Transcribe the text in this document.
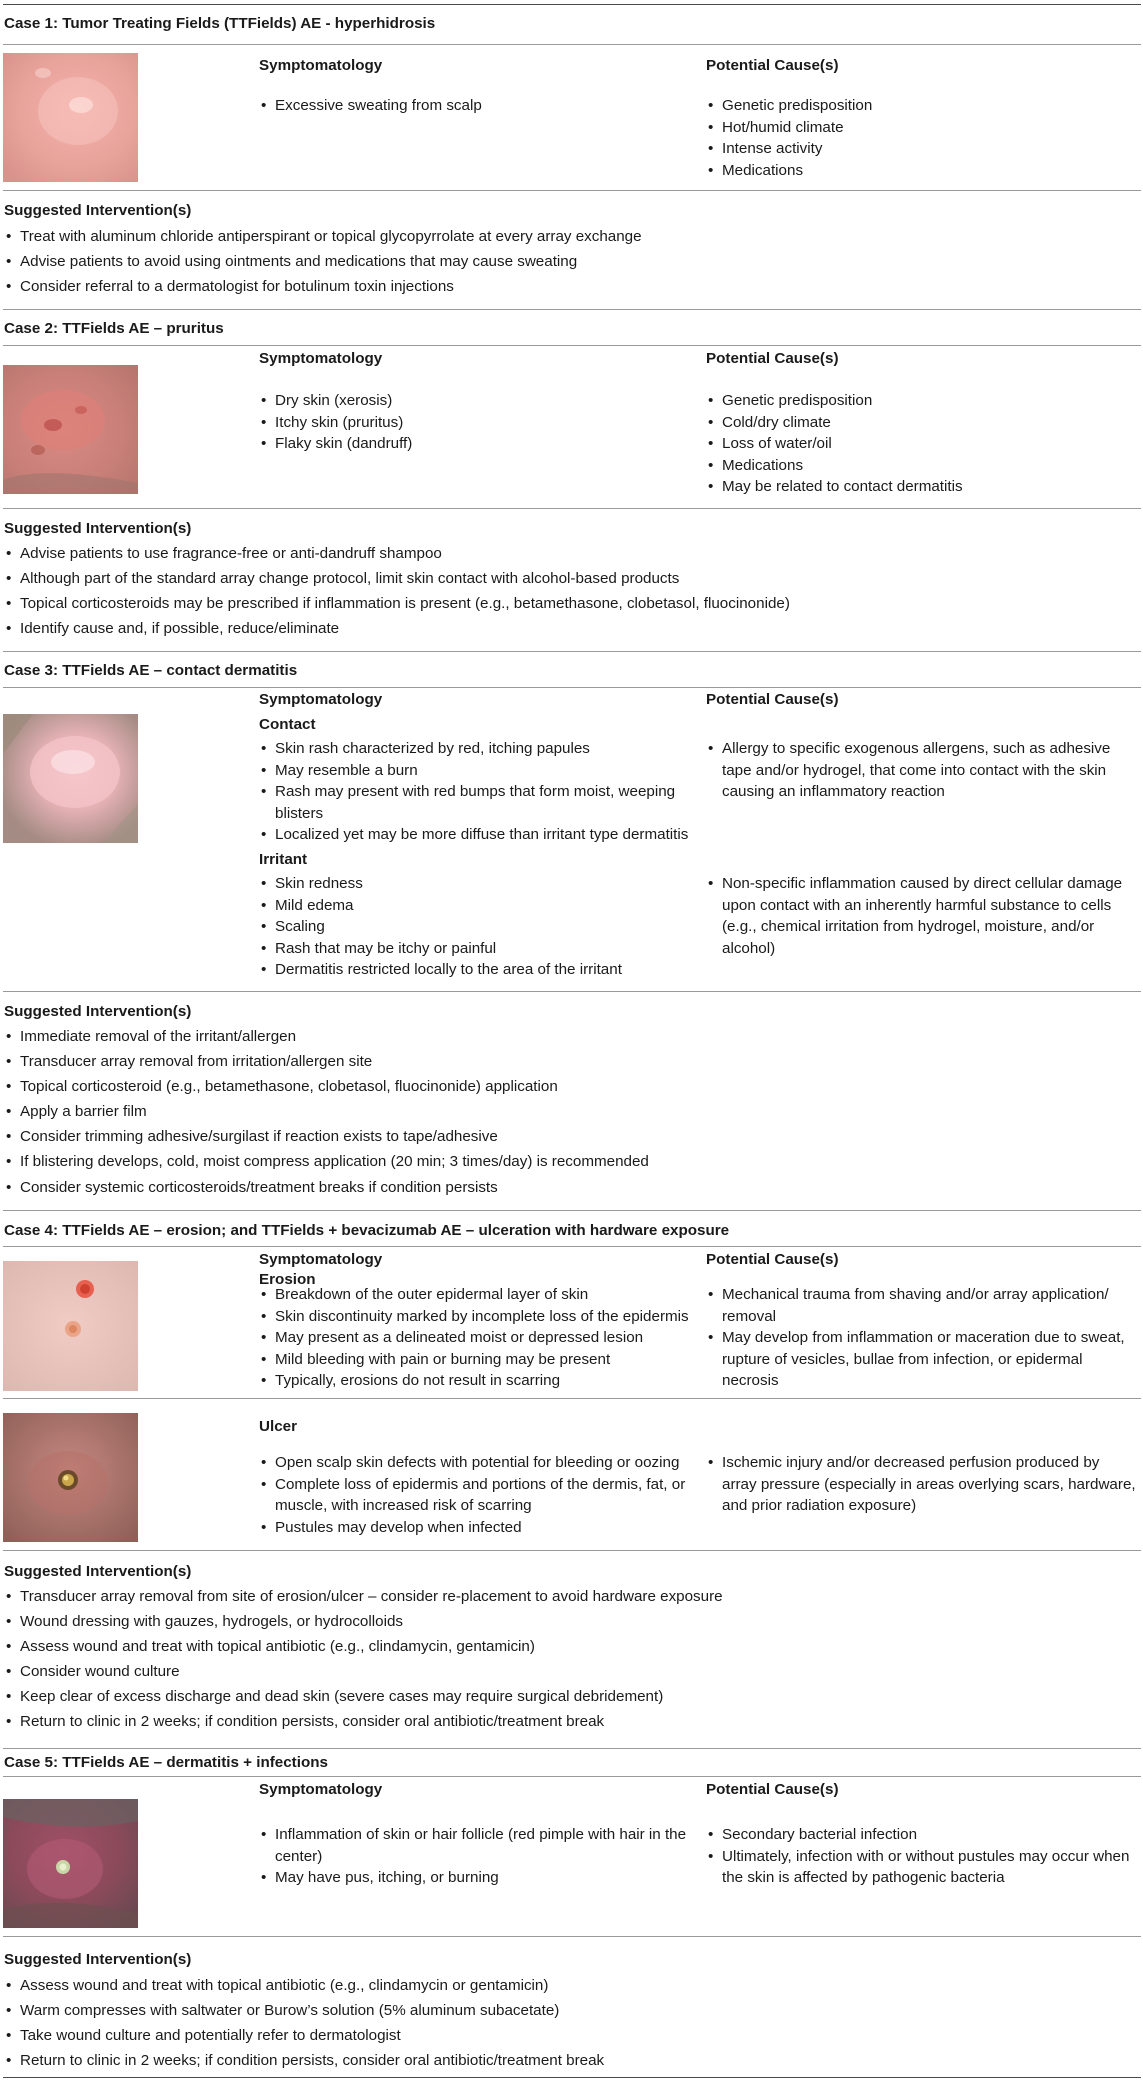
Case 1: Tumor Treating Fields (TTFields) AE - hyperhidrosis
Symptomatology	Potential Cause(s)
• Excessive sweating from scalp
•	Genetic predisposition
• Hot/humid climate
• Intense activity
• Medications
Suggested Intervention(s)
• Treat with aluminum chloride antiperspirant or topical glycopyrrolate at every array exchange
• Advise patients to avoid using ointments and medications that may cause sweating
• Consider referral to a dermatologist for botulinum toxin injections
Case 2: TTFields AE – pruritus
Symptomatology	Potential Cause(s)
• Dry skin (xerosis)
• Itchy skin (pruritus)
• Flaky skin (dandruff)
• Genetic predisposition
• Cold/dry climate
• Loss of water/oil
• Medications
• May be related to contact dermatitis
Suggested Intervention(s)
• Advise patients to use fragrance-free or anti-dandruff shampoo
• Although part of the standard array change protocol, limit skin contact with alcohol-based products
• Topical corticosteroids may be prescribed if inflammation is present (e.g., betamethasone, clobetasol, fluocinonide)
• Identify cause and, if possible, reduce/eliminate
Case 3: TTFields AE – contact dermatitis
Symptomatology	Potential Cause(s)
Contact
• Skin rash characterized by red, itching papules
• May resemble a burn
• Rash may present with red bumps that form moist, weeping blisters
• Localized yet may be more diffuse than irritant type dermatitis
• Allergy to specific exogenous allergens, such as adhesive tape and/or hydrogel, that come into contact with the skin causing an inflammatory reaction
Irritant
• Skin redness
• Mild edema
• Scaling
• Rash that may be itchy or painful
• Dermatitis restricted locally to the area of the irritant
• Non-specific inflammation caused by direct cellular damage upon contact with an inherently harmful substance to cells (e.g., chemical irritation from hydrogel, moisture, and/or alcohol)
Suggested Intervention(s)
• Immediate removal of the irritant/allergen
• Transducer array removal from irritation/allergen site
• Topical corticosteroid (e.g., betamethasone, clobetasol, fluocinonide) application
• Apply a barrier film
• Consider trimming adhesive/surgilast if reaction exists to tape/adhesive
• If blistering develops, cold, moist compress application (20 min; 3 times/day) is recommended
• Consider systemic corticosteroids/treatment breaks if condition persists
Case 4: TTFields AE – erosion; and TTFields + bevacizumab AE – ulceration with hardware exposure
Symptomatology	Potential Cause(s)
Erosion
• Breakdown of the outer epidermal layer of skin
• Skin discontinuity marked by incomplete loss of the epidermis
• May present as a delineated moist or depressed lesion
• Mild bleeding with pain or burning may be present
• Typically, erosions do not result in scarring
• Mechanical trauma from shaving and/or array application/ removal
• May develop from inflammation or maceration due to sweat, rupture of vesicles, bullae from infection, or epidermal necrosis
Ulcer
• Open scalp skin defects with potential for bleeding or oozing
• Complete loss of epidermis and portions of the dermis, fat, or muscle, with increased risk of scarring
• Pustules may develop when infected
• Ischemic injury and/or decreased perfusion produced by array pressure (especially in areas overlying scars, hardware, and prior radiation exposure)
Suggested Intervention(s)
• Transducer array removal from site of erosion/ulcer – consider re-placement to avoid hardware exposure
• Wound dressing with gauzes, hydrogels, or hydrocolloids
• Assess wound and treat with topical antibiotic (e.g., clindamycin, gentamicin)
• Consider wound culture
• Keep clear of excess discharge and dead skin (severe cases may require surgical debridement)
• Return to clinic in 2 weeks; if condition persists, consider oral antibiotic/treatment break
Case 5: TTFields AE – dermatitis + infections
Symptomatology	Potential Cause(s)
• Inflammation of skin or hair follicle (red pimple with hair in the center)
• May have pus, itching, or burning
• Secondary bacterial infection
• Ultimately, infection with or without pustules may occur when the skin is affected by pathogenic bacteria
Suggested Intervention(s)
• Assess wound and treat with topical antibiotic (e.g., clindamycin or gentamicin)
• Warm compresses with saltwater or Burow’s solution (5% aluminum subacetate)
• Take wound culture and potentially refer to dermatologist
• Return to clinic in 2 weeks; if condition persists, consider oral antibiotic/treatment break
